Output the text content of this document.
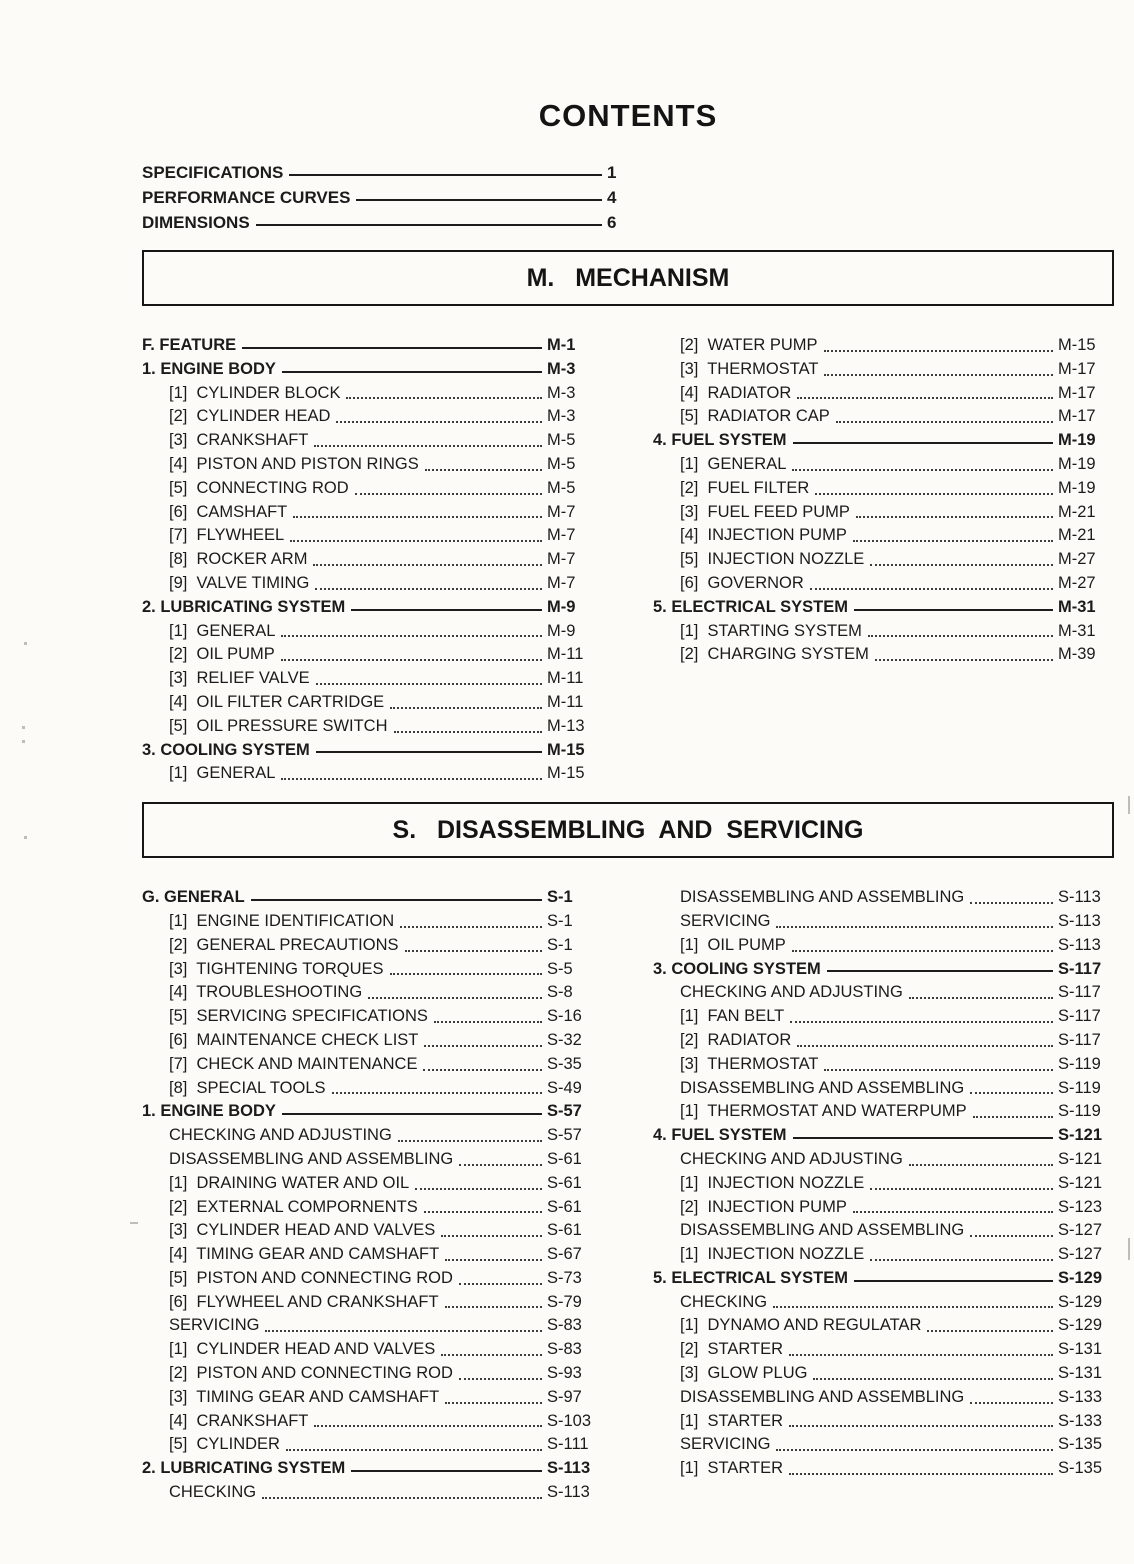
CONTENTS
SPECIFICATIONS	1
PERFORMANCE CURVES	4
DIMENSIONS	6
M.   MECHANISM
F. FEATURE	M-1
1. ENGINE BODY	M-3
[1]  CYLINDER BLOCK	M-3
[2]  CYLINDER HEAD	M-3
[3]  CRANKSHAFT	M-5
[4]  PISTON AND PISTON RINGS	M-5
[5]  CONNECTING ROD	M-5
[6]  CAMSHAFT	M-7
[7]  FLYWHEEL	M-7
[8]  ROCKER ARM	M-7
[9]  VALVE TIMING	M-7
2. LUBRICATING SYSTEM	M-9
[1]  GENERAL	M-9
[2]  OIL PUMP	M-11
[3]  RELIEF VALVE	M-11
[4]  OIL FILTER CARTRIDGE	M-11
[5]  OIL PRESSURE SWITCH	M-13
3. COOLING SYSTEM	M-15
[1]  GENERAL	M-15
[2]  WATER PUMP	M-15
[3]  THERMOSTAT	M-17
[4]  RADIATOR	M-17
[5]  RADIATOR CAP	M-17
4. FUEL SYSTEM	M-19
[1]  GENERAL	M-19
[2]  FUEL FILTER	M-19
[3]  FUEL FEED PUMP	M-21
[4]  INJECTION PUMP	M-21
[5]  INJECTION NOZZLE	M-27
[6]  GOVERNOR	M-27
5. ELECTRICAL SYSTEM	M-31
[1]  STARTING SYSTEM	M-31
[2]  CHARGING SYSTEM	M-39
S.   DISASSEMBLING  AND  SERVICING
G. GENERAL	S-1
[1]  ENGINE IDENTIFICATION	S-1
[2]  GENERAL PRECAUTIONS	S-1
[3]  TIGHTENING TORQUES	S-5
[4]  TROUBLESHOOTING	S-8
[5]  SERVICING SPECIFICATIONS	S-16
[6]  MAINTENANCE CHECK LIST	S-32
[7]  CHECK AND MAINTENANCE	S-35
[8]  SPECIAL TOOLS	S-49
1. ENGINE BODY	S-57
CHECKING AND ADJUSTING	S-57
DISASSEMBLING AND ASSEMBLING	S-61
[1]  DRAINING WATER AND OIL	S-61
[2]  EXTERNAL COMPORNENTS	S-61
[3]  CYLINDER HEAD AND VALVES	S-61
[4]  TIMING GEAR AND CAMSHAFT	S-67
[5]  PISTON AND CONNECTING ROD	S-73
[6]  FLYWHEEL AND CRANKSHAFT	S-79
SERVICING	S-83
[1]  CYLINDER HEAD AND VALVES	S-83
[2]  PISTON AND CONNECTING ROD	S-93
[3]  TIMING GEAR AND CAMSHAFT	S-97
[4]  CRANKSHAFT	S-103
[5]  CYLINDER	S-111
2. LUBRICATING SYSTEM	S-113
CHECKING	S-113
DISASSEMBLING AND ASSEMBLING	S-113
SERVICING	S-113
[1]  OIL PUMP	S-113
3. COOLING SYSTEM	S-117
CHECKING AND ADJUSTING	S-117
[1]  FAN BELT	S-117
[2]  RADIATOR	S-117
[3]  THERMOSTAT	S-119
DISASSEMBLING AND ASSEMBLING	S-119
[1]  THERMOSTAT AND WATERPUMP	S-119
4. FUEL SYSTEM	S-121
CHECKING AND ADJUSTING	S-121
[1]  INJECTION NOZZLE	S-121
[2]  INJECTION PUMP	S-123
DISASSEMBLING AND ASSEMBLING	S-127
[1]  INJECTION NOZZLE	S-127
5. ELECTRICAL SYSTEM	S-129
CHECKING	S-129
[1]  DYNAMO AND REGULATAR	S-129
[2]  STARTER	S-131
[3]  GLOW PLUG	S-131
DISASSEMBLING AND ASSEMBLING	S-133
[1]  STARTER	S-133
SERVICING	S-135
[1]  STARTER	S-135
